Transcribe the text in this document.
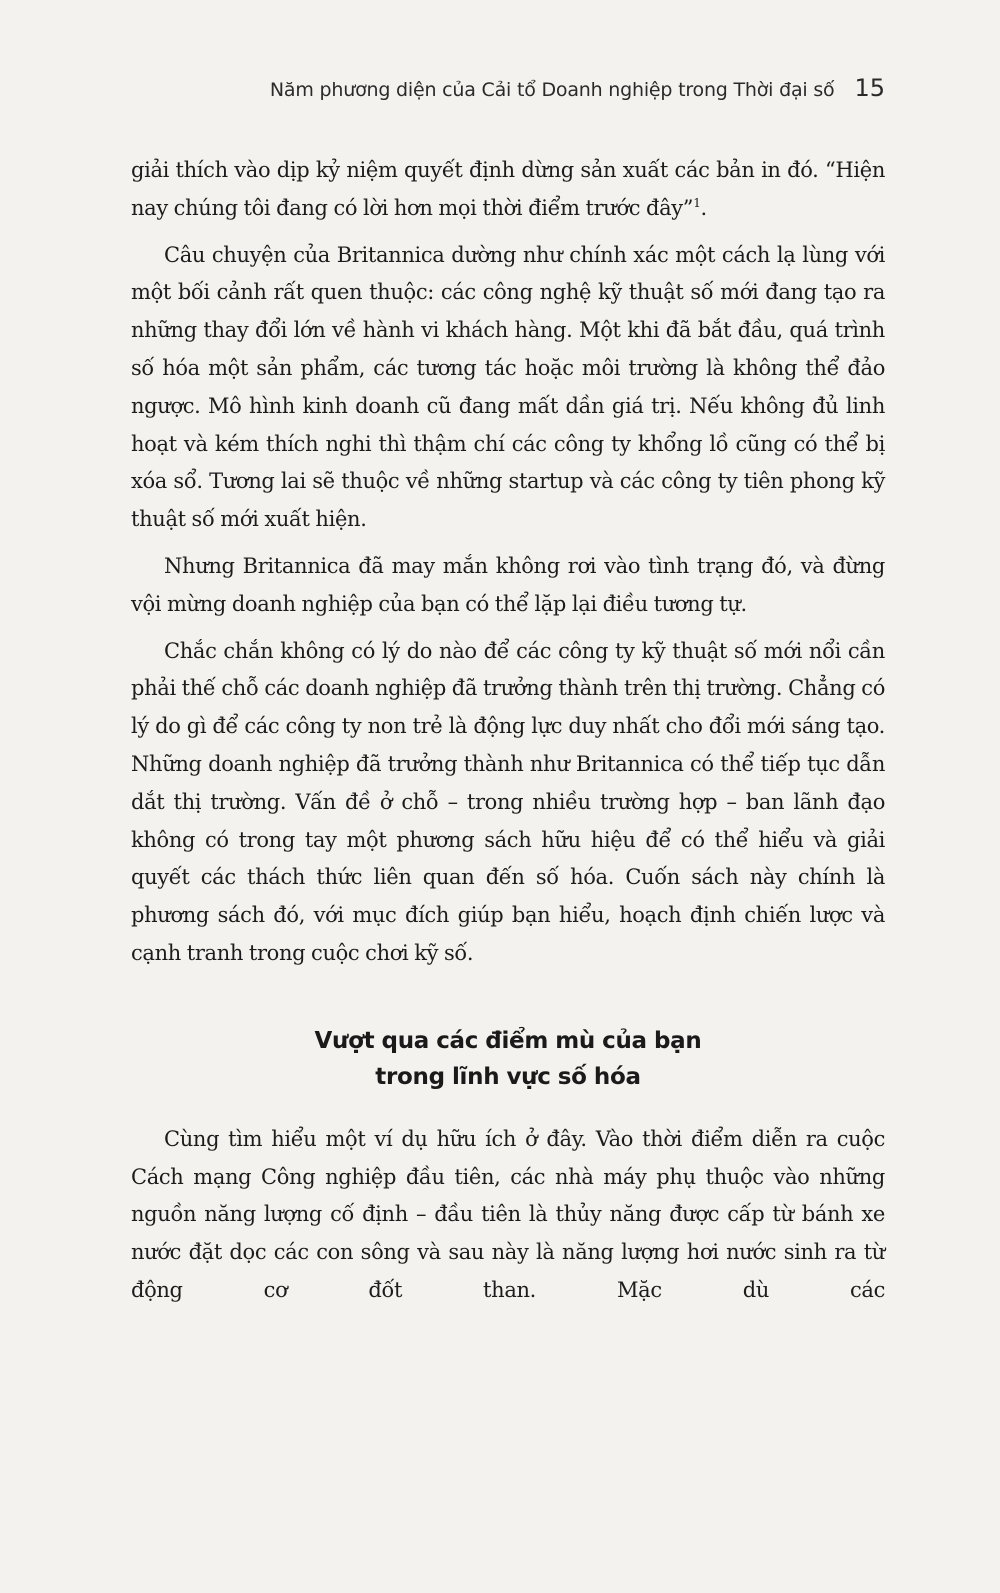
Năm phương diện của Cải tổ Doanh nghiệp trong Thời đại số 15

giải thích vào dịp kỷ niệm quyết định dừng sản xuất các bản in đó. “Hiện nay chúng tôi đang có lời hơn mọi thời điểm trước đây”$^1$.

Câu chuyện của Britannica dường như chính xác một cách lạ lùng với một bối cảnh rất quen thuộc: các công nghệ kỹ thuật số mới đang tạo ra những thay đổi lớn về hành vi khách hàng. Một khi đã bắt đầu, quá trình số hóa một sản phẩm, các tương tác hoặc môi trường là không thể đảo ngược. Mô hình kinh doanh cũ đang mất dần giá trị. Nếu không đủ linh hoạt và kém thích nghi thì thậm chí các công ty khổng lồ cũng có thể bị xóa sổ. Tương lai sẽ thuộc về những startup và các công ty tiên phong kỹ thuật số mới xuất hiện.

Nhưng Britannica đã may mắn không rơi vào tình trạng đó, và đừng vội mừng doanh nghiệp của bạn có thể lặp lại điều tương tự.

Chắc chắn không có lý do nào để các công ty kỹ thuật số mới nổi cần phải thế chỗ các doanh nghiệp đã trưởng thành trên thị trường. Chẳng có lý do gì để các công ty non trẻ là động lực duy nhất cho đổi mới sáng tạo. Những doanh nghiệp đã trưởng thành như Britannica có thể tiếp tục dẫn dắt thị trường. Vấn đề ở chỗ – trong nhiều trường hợp – ban lãnh đạo không có trong tay một phương sách hữu hiệu để có thể hiểu và giải quyết các thách thức liên quan đến số hóa. Cuốn sách này chính là phương sách đó, với mục đích giúp bạn hiểu, hoạch định chiến lược và cạnh tranh trong cuộc chơi kỹ số.

Vượt qua các điểm mù của bạn
trong lĩnh vực số hóa

Cùng tìm hiểu một ví dụ hữu ích ở đây. Vào thời điểm diễn ra cuộc Cách mạng Công nghiệp đầu tiên, các nhà máy phụ thuộc vào những nguồn năng lượng cố định – đầu tiên là thủy năng được cấp từ bánh xe nước đặt dọc các con sông và sau này là năng lượng hơi nước sinh ra từ động cơ đốt than. Mặc dù các
